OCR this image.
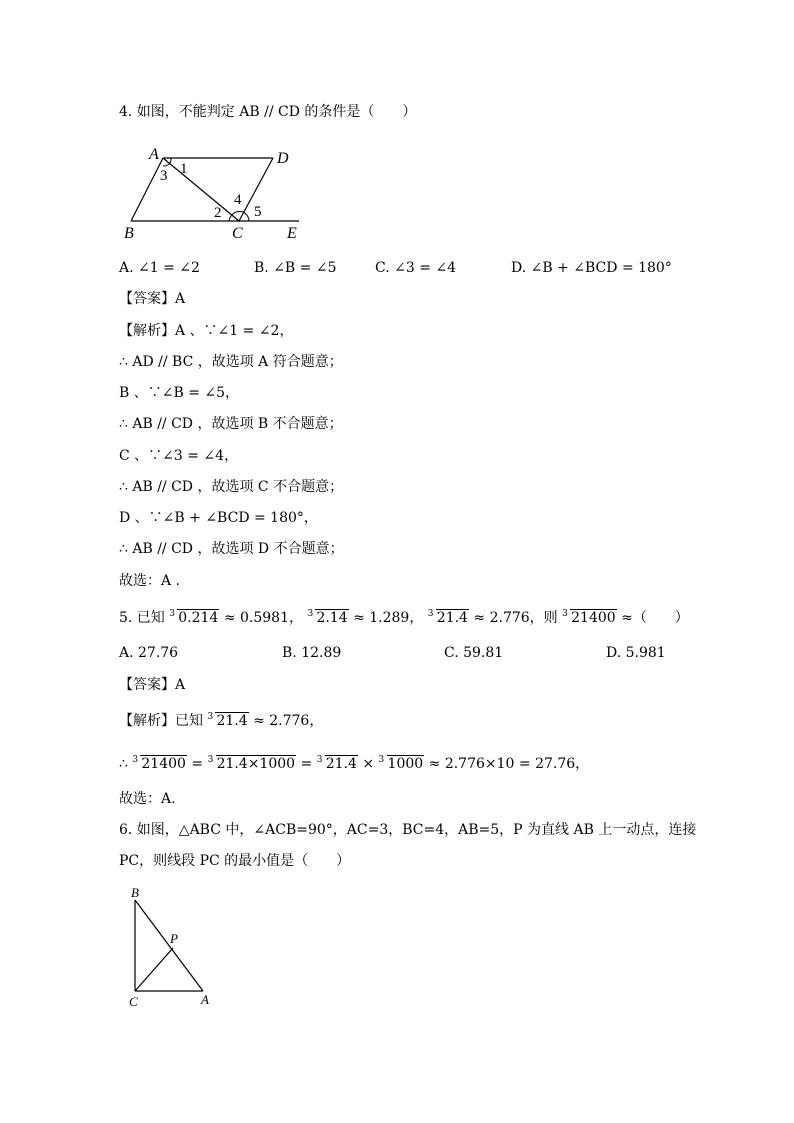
4. 如图，不能判定 AB // CD 的条件是（　　）
A	D
B	C	E
1
3
2
4
5
A. ∠1 = ∠2	B. ∠B = ∠5	C. ∠3 = ∠4	D. ∠B + ∠BCD = 180°
【答案】A
【解析】A 、∵∠1 = ∠2，
∴ AD // BC ，故选项 A 符合题意；
B 、∵∠B = ∠5，
∴ AB // CD ，故选项 B 不合题意；
C 、∵∠3 = ∠4，
∴ AB // CD ，故选项 C 不合题意；
D 、∵∠B + ∠BCD = 180°，
∴ AB // CD ，故选项 D 不合题意；
故选：A .
5. 已知 3 0.214 ≈ 0.5981， 3 2.14 ≈ 1.289， 3 21.4 ≈ 2.776，则 3 21400 ≈（　　）
A. 27.76	B. 12.89	C. 59.81	D. 5.981
【答案】A
【解析】已知 3 21.4 ≈ 2.776，
∴ 3 21400 = 3 21.4×1000 = 3 21.4 × 3 1000 ≈ 2.776×10 = 27.76，
故选：A.
6. 如图，△ABC 中，∠ACB=90°，AC=3，BC=4，AB=5，P 为直线 AB 上一动点，连接
PC，则线段 PC 的最小值是（　　）
B
P
C	A
